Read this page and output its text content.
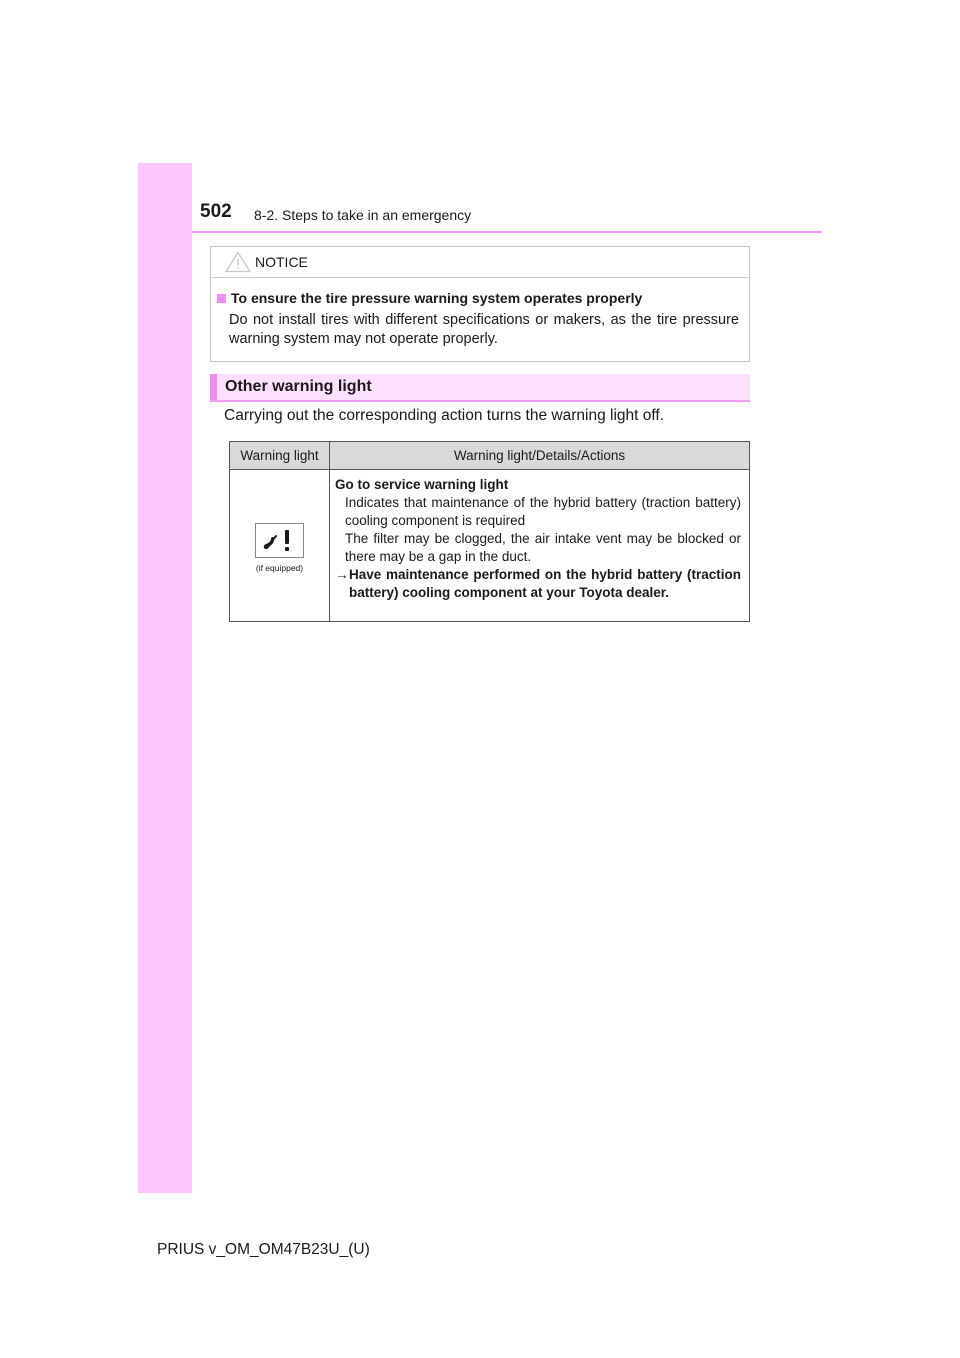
502 8-2. Steps to take in an emergency
NOTICE
To ensure the tire pressure warning system operates properly
Do not install tires with different specifications or makers, as the tire pressure warning system may not operate properly.
Other warning light
Carrying out the corresponding action turns the warning light off.
Warning light	Warning light/Details/Actions
(if equipped)
Go to service warning light
Indicates that maintenance of the hybrid battery (traction battery) cooling component is required
The filter may be clogged, the air intake vent may be blocked or there may be a gap in the duct.
→ Have maintenance performed on the hybrid battery (traction battery) cooling component at your Toyota dealer.
PRIUS v_OM_OM47B23U_(U)
